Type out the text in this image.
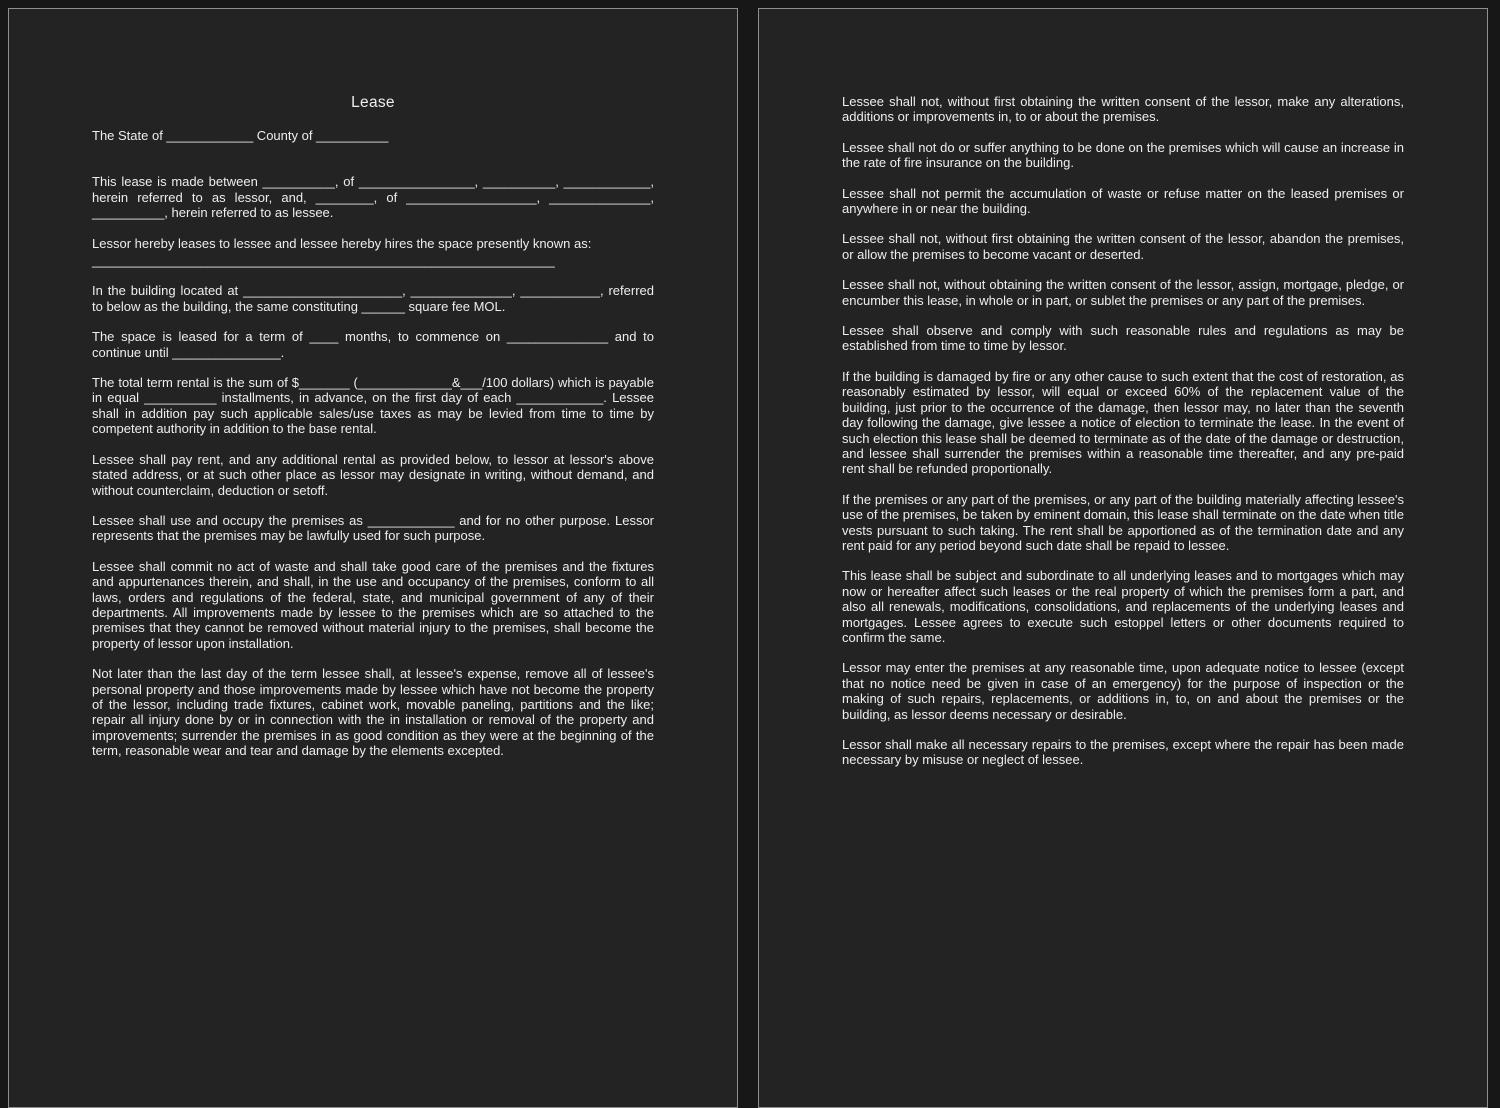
Lease

The State of ____________ County of __________

This lease is made between __________, of ________________, __________, ____________, herein referred to as lessor, and, ________, of __________________, ______________, __________, herein referred to as lessee.

Lessor hereby leases to lessee and lessee hereby hires the space presently known as:

________________________________________________________________

In the building located at ______________________, ______________, ___________, referred to below as the building, the same constituting ______ square fee MOL.

The space is leased for a term of ____ months, to commence on ______________ and to continue until _______________.

The total term rental is the sum of $_______ (_____________&___/100 dollars) which is payable in equal __________ installments, in advance, on the first day of each ____________. Lessee shall in addition pay such applicable sales/use taxes as may be levied from time to time by competent authority in addition to the base rental.

Lessee shall pay rent, and any additional rental as provided below, to lessor at lessor's above stated address, or at such other place as lessor may designate in writing, without demand, and without counterclaim, deduction or setoff.

Lessee shall use and occupy the premises as ____________ and for no other purpose. Lessor represents that the premises may be lawfully used for such purpose.

Lessee shall commit no act of waste and shall take good care of the premises and the fixtures and appurtenances therein, and shall, in the use and occupancy of the premises, conform to all laws, orders and regulations of the federal, state, and municipal government of any of their departments. All improvements made by lessee to the premises which are so attached to the premises that they cannot be removed without material injury to the premises, shall become the property of lessor upon installation.

Not later than the last day of the term lessee shall, at lessee's expense, remove all of lessee's personal property and those improvements made by lessee which have not become the property of the lessor, including trade fixtures, cabinet work, movable paneling, partitions and the like; repair all injury done by or in connection with the in installation or removal of the property and improvements; surrender the premises in as good condition as they were at the beginning of the term, reasonable wear and tear and damage by the elements excepted.

Lessee shall not, without first obtaining the written consent of the lessor, make any alterations, additions or improvements in, to or about the premises.

Lessee shall not do or suffer anything to be done on the premises which will cause an increase in the rate of fire insurance on the building.

Lessee shall not permit the accumulation of waste or refuse matter on the leased premises or anywhere in or near the building.

Lessee shall not, without first obtaining the written consent of the lessor, abandon the premises, or allow the premises to become vacant or deserted.

Lessee shall not, without obtaining the written consent of the lessor, assign, mortgage, pledge, or encumber this lease, in whole or in part, or sublet the premises or any part of the premises.

Lessee shall observe and comply with such reasonable rules and regulations as may be established from time to time by lessor.

If the building is damaged by fire or any other cause to such extent that the cost of restoration, as reasonably estimated by lessor, will equal or exceed 60% of the replacement value of the building, just prior to the occurrence of the damage, then lessor may, no later than the seventh day following the damage, give lessee a notice of election to terminate the lease. In the event of such election this lease shall be deemed to terminate as of the date of the damage or destruction, and lessee shall surrender the premises within a reasonable time thereafter, and any pre-paid rent shall be refunded proportionally.

If the premises or any part of the premises, or any part of the building materially affecting lessee's use of the premises, be taken by eminent domain, this lease shall terminate on the date when title vests pursuant to such taking. The rent shall be apportioned as of the termination date and any rent paid for any period beyond such date shall be repaid to lessee.

This lease shall be subject and subordinate to all underlying leases and to mortgages which may now or hereafter affect such leases or the real property of which the premises form a part, and also all renewals, modifications, consolidations, and replacements of the underlying leases and mortgages. Lessee agrees to execute such estoppel letters or other documents required to confirm the same.

Lessor may enter the premises at any reasonable time, upon adequate notice to lessee (except that no notice need be given in case of an emergency) for the purpose of inspection or the making of such repairs, replacements, or additions in, to, on and about the premises or the building, as lessor deems necessary or desirable.

Lessor shall make all necessary repairs to the premises, except where the repair has been made necessary by misuse or neglect of lessee.
